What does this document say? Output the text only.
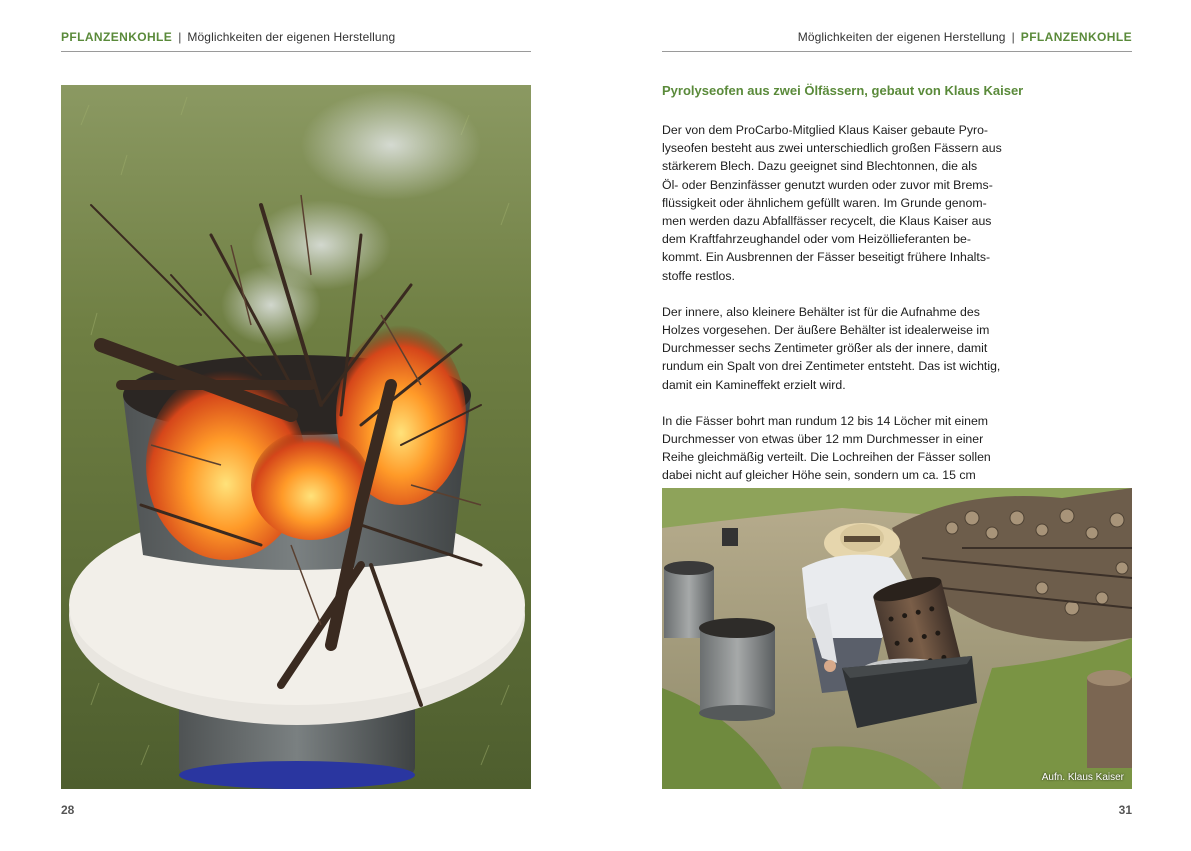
PFLANZENKOHLE | Möglichkeiten der eigenen Herstellung
28
Möglichkeiten der eigenen Herstellung | PFLANZENKOHLE
Pyrolyseofen aus zwei Ölfässern, gebaut von Klaus Kaiser

Der von dem ProCarbo-Mitglied Klaus Kaiser gebaute Pyro-
lyseofen besteht aus zwei unterschiedlich großen Fässern aus
stärkerem Blech. Dazu geeignet sind Blechtonnen, die als
Öl- oder Benzinfässer genutzt wurden oder zuvor mit Brems-
flüssigkeit oder ähnlichem gefüllt waren. Im Grunde genom-
men werden dazu Abfallfässer recycelt, die Klaus Kaiser aus
dem Kraftfahrzeughandel oder vom Heizöllieferanten be-
kommt. Ein Ausbrennen der Fässer beseitigt frühere Inhalts-
stoffe restlos.

Der innere, also kleinere Behälter ist für die Aufnahme des
Holzes vorgesehen. Der äußere Behälter ist idealerweise im
Durchmesser sechs Zentimeter größer als der innere, damit
rundum ein Spalt von drei Zentimeter entsteht. Das ist wichtig,
damit ein Kamineffekt erzielt wird.

In die Fässer bohrt man rundum 12 bis 14 Löcher mit einem
Durchmesser von etwas über 12 mm Durchmesser in einer
Reihe gleichmäßig verteilt. Die Lochreihen der Fässer sollen
dabei nicht auf gleicher Höhe sein, sondern um ca. 15 cm

Aufn. Klaus Kaiser
31
